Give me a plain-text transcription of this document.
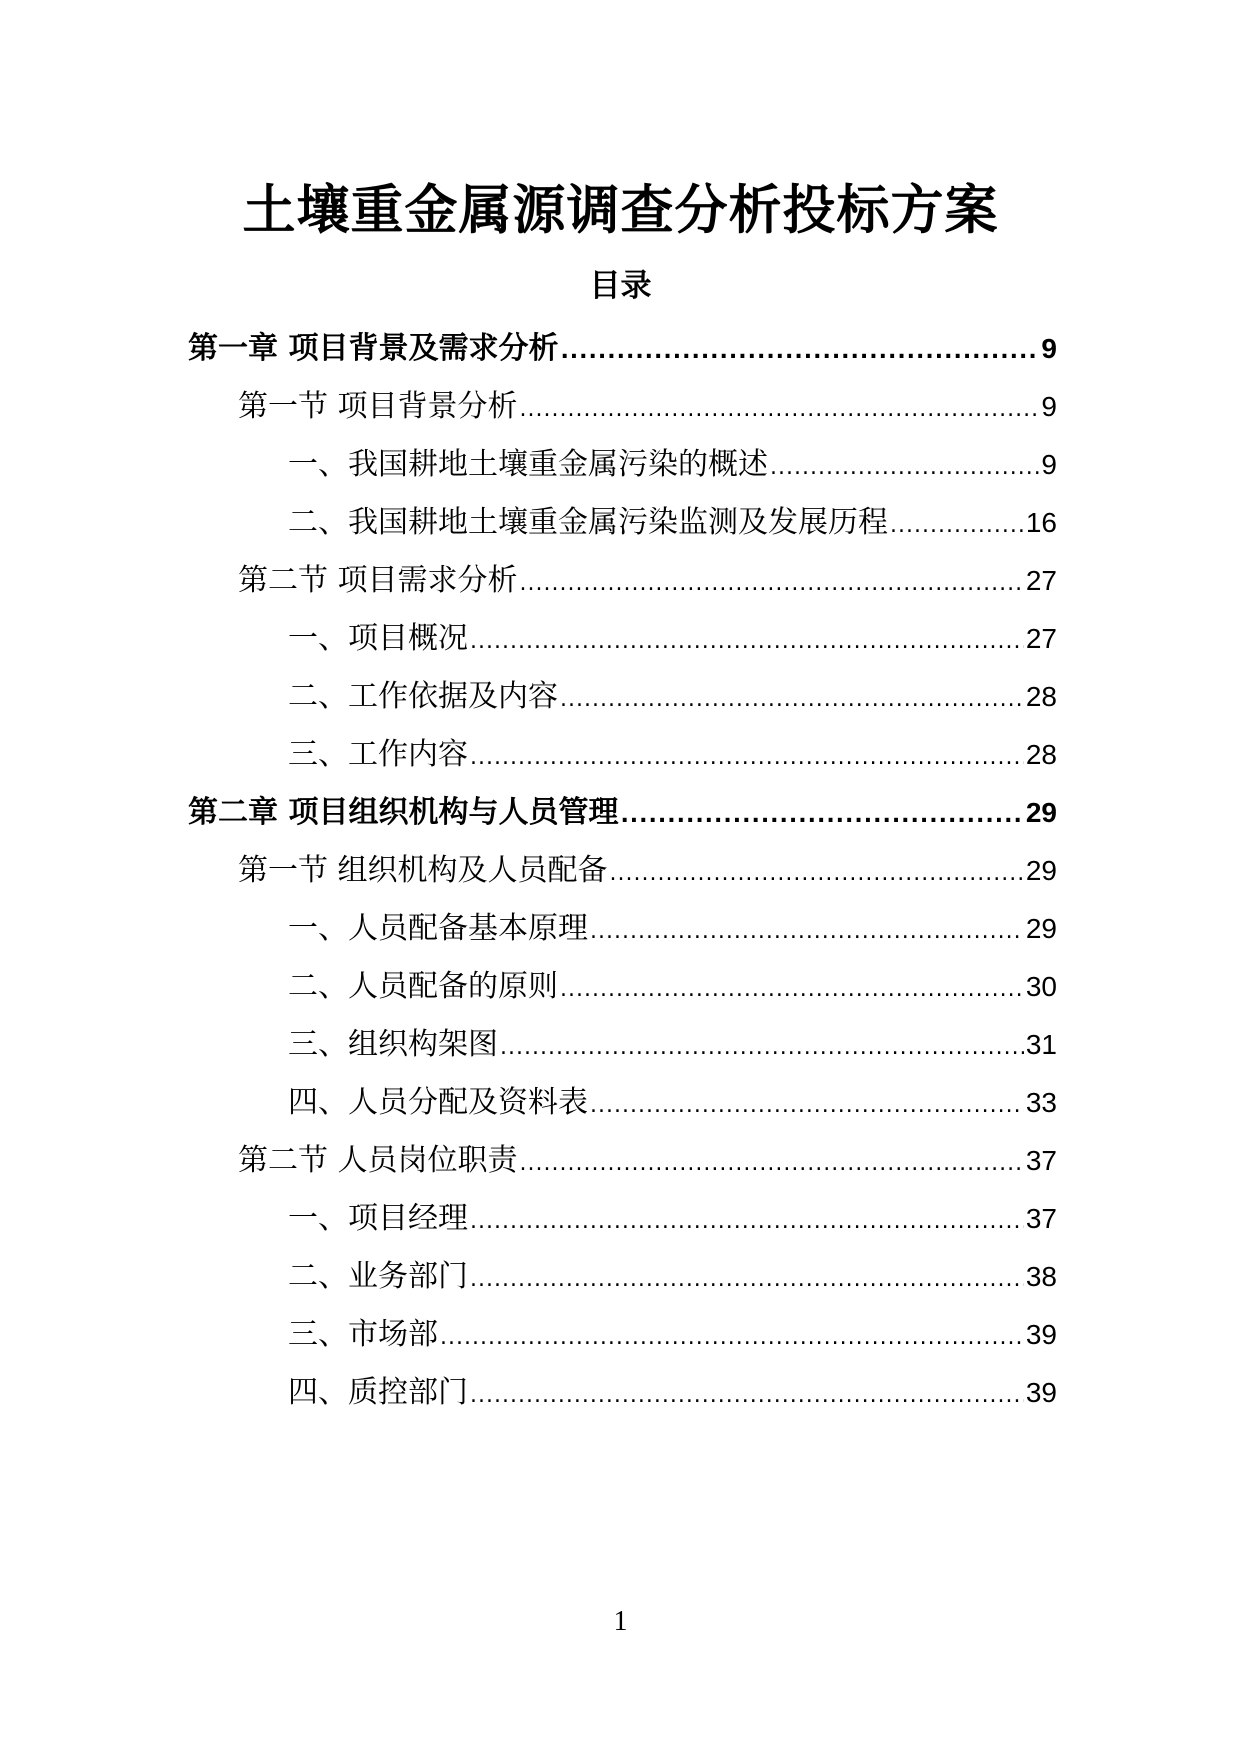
土壤重金属源调查分析投标方案
目录
第一章 项目背景及需求分析 .....	9
第一节 项目背景分析 .....	9
一、我国耕地土壤重金属污染的概述 .....	9
二、我国耕地土壤重金属污染监测及发展历程 .....	16
第二节 项目需求分析 .....	27
一、项目概况 .....	27
二、工作依据及内容 .....	28
三、工作内容 .....	28
第二章 项目组织机构与人员管理 .....	29
第一节 组织机构及人员配备 .....	29
一、人员配备基本原理 .....	29
二、人员配备的原则 .....	30
三、组织构架图 .....	31
四、人员分配及资料表 .....	33
第二节 人员岗位职责 .....	37
一、项目经理 .....	37
二、业务部门 .....	38
三、市场部 .....	39
四、质控部门 .....	39
1
